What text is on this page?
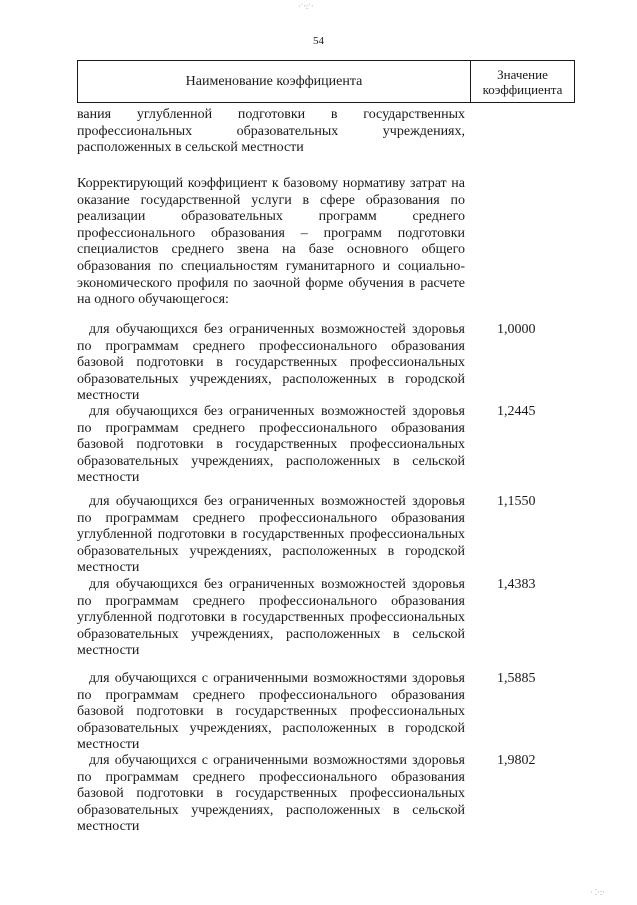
·˙·:˙·
· ⁚·:·
54
Наименование коэффициента	Значение
коэффициента
вания углубленной подготовки в государственных профессиональных образовательных учреждениях, расположенных в сельской местности
Корректирующий коэффициент к базовому нормативу затрат на оказание государственной услуги в сфере образования по реализации образовательных программ среднего профессионального образования – программ подготовки специалистов среднего звена на базе основного общего образования по специальностям гуманитарного и социально-экономического профиля по заочной форме обучения в расчете на одного обучающегося:
для обучающихся без ограниченных возможностей здоровья по программам среднего профессионального образования базовой подготовки в государственных профессиональных образовательных учреждениях, расположенных в городской местности
1,0000
для обучающихся без ограниченных возможностей здоровья по программам среднего профессионального образования базовой подготовки в государственных профессиональных образовательных учреждениях, расположенных в сельской местности
1,2445
для обучающихся без ограниченных возможностей здоровья по программам среднего профессионального образования углубленной подготовки в государственных профессиональных образовательных учреждениях, расположенных в городской местности
1,1550
для обучающихся без ограниченных возможностей здоровья по программам среднего профессионального образования углубленной подготовки в государственных профессиональных образовательных учреждениях, расположенных в сельской местности
1,4383
для обучающихся с ограниченными возможностями здоровья по программам среднего профессионального образования базовой подготовки в государственных профессиональных образовательных учреждениях, расположенных в городской местности
1,5885
для обучающихся с ограниченными возможностями здоровья по программам среднего профессионального образования базовой подготовки в государственных профессиональных образовательных учреждениях, расположенных в сельской местности
1,9802
